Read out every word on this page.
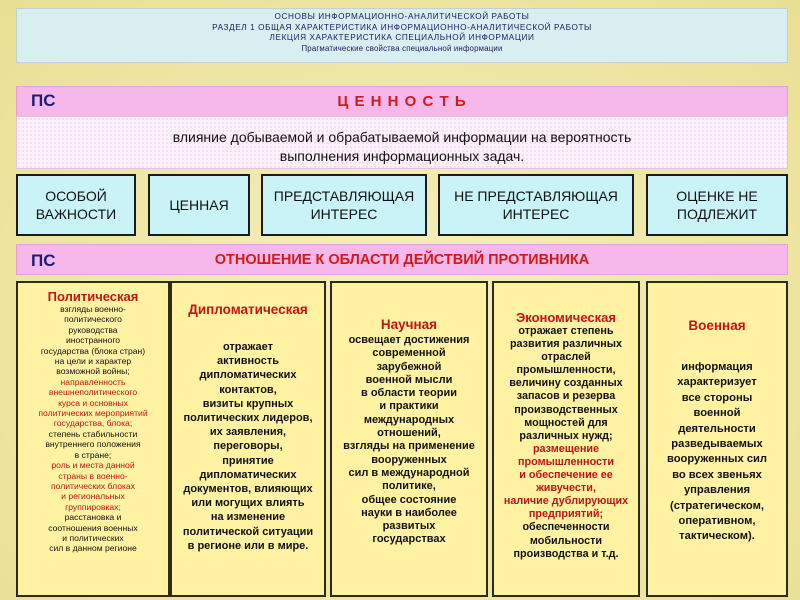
ОСНОВЫ ИНФОРМАЦИОННО-АНАЛИТИЧЕСКОЙ РАБОТЫ
РАЗДЕЛ 1 ОБЩАЯ ХАРАКТЕРИСТИКА ИНФОРМАЦИОННО-АНАЛИТИЧЕСКОЙ РАБОТЫ
ЛЕКЦИЯ ХАРАКТЕРИСТИКА СПЕЦИАЛЬНОЙ ИНФОРМАЦИИ
Прагматические свойства специальной информации
ПС	Ц Е Н Н О С Т Ь
влияние добываемой и обрабатываемой информации на вероятность
выполнения информационных задач.
ОСОБОЙ
ВАЖНОСТИ
ЦЕННАЯ
ПРЕДСТАВЛЯЮЩАЯ
ИНТЕРЕС
НЕ ПРЕДСТАВЛЯЮЩАЯ
ИНТЕРЕС
ОЦЕНКЕ НЕ
ПОДЛЕЖИТ
ПС	ОТНОШЕНИЕ К ОБЛАСТИ ДЕЙСТВИЙ ПРОТИВНИКА
Политическая
взгляды военно-
политического
руководства
иностранного
государства (блока стран)
на цели и характер
возможной войны;
направленность
внешнеполитического
курса и основных
политических мероприятий
государства, блока;
степень стабильности
внутреннего положения
в стране;
роль и места данной
страны в военно-
политических блоках
и региональных
группировках;
расстановка и
соотношения военных
и политических
сил в данном регионе
Дипломатическая
отражает
активность
дипломатических
контактов,
визиты крупных
политических лидеров,
их заявления,
переговоры,
принятие
дипломатических
документов, влияющих
или могущих влиять
на изменение
политической ситуации
в регионе или в мире.
Научная
освещает достижения
современной
зарубежной
военной мысли
в области теории
и практики
международных
отношений,
взгляды на применение
вооруженных
сил в международной
политике,
общее состояние
науки в наиболее
развитых
государствах
Экономическая
отражает степень
развития различных
отраслей
промышленности,
величину созданных
запасов и резерва
производственных
мощностей для
различных нужд;
размещение
промышленности
и обеспечение ее
живучести,
наличие дублирующих
предприятий;
обеспеченности
мобильности
производства и т.д.
Военная
информация
характеризует
все стороны
военной
деятельности
разведываемых
вооруженных сил
во всех звеньях
управления
(стратегическом,
оперативном,
тактическом).
